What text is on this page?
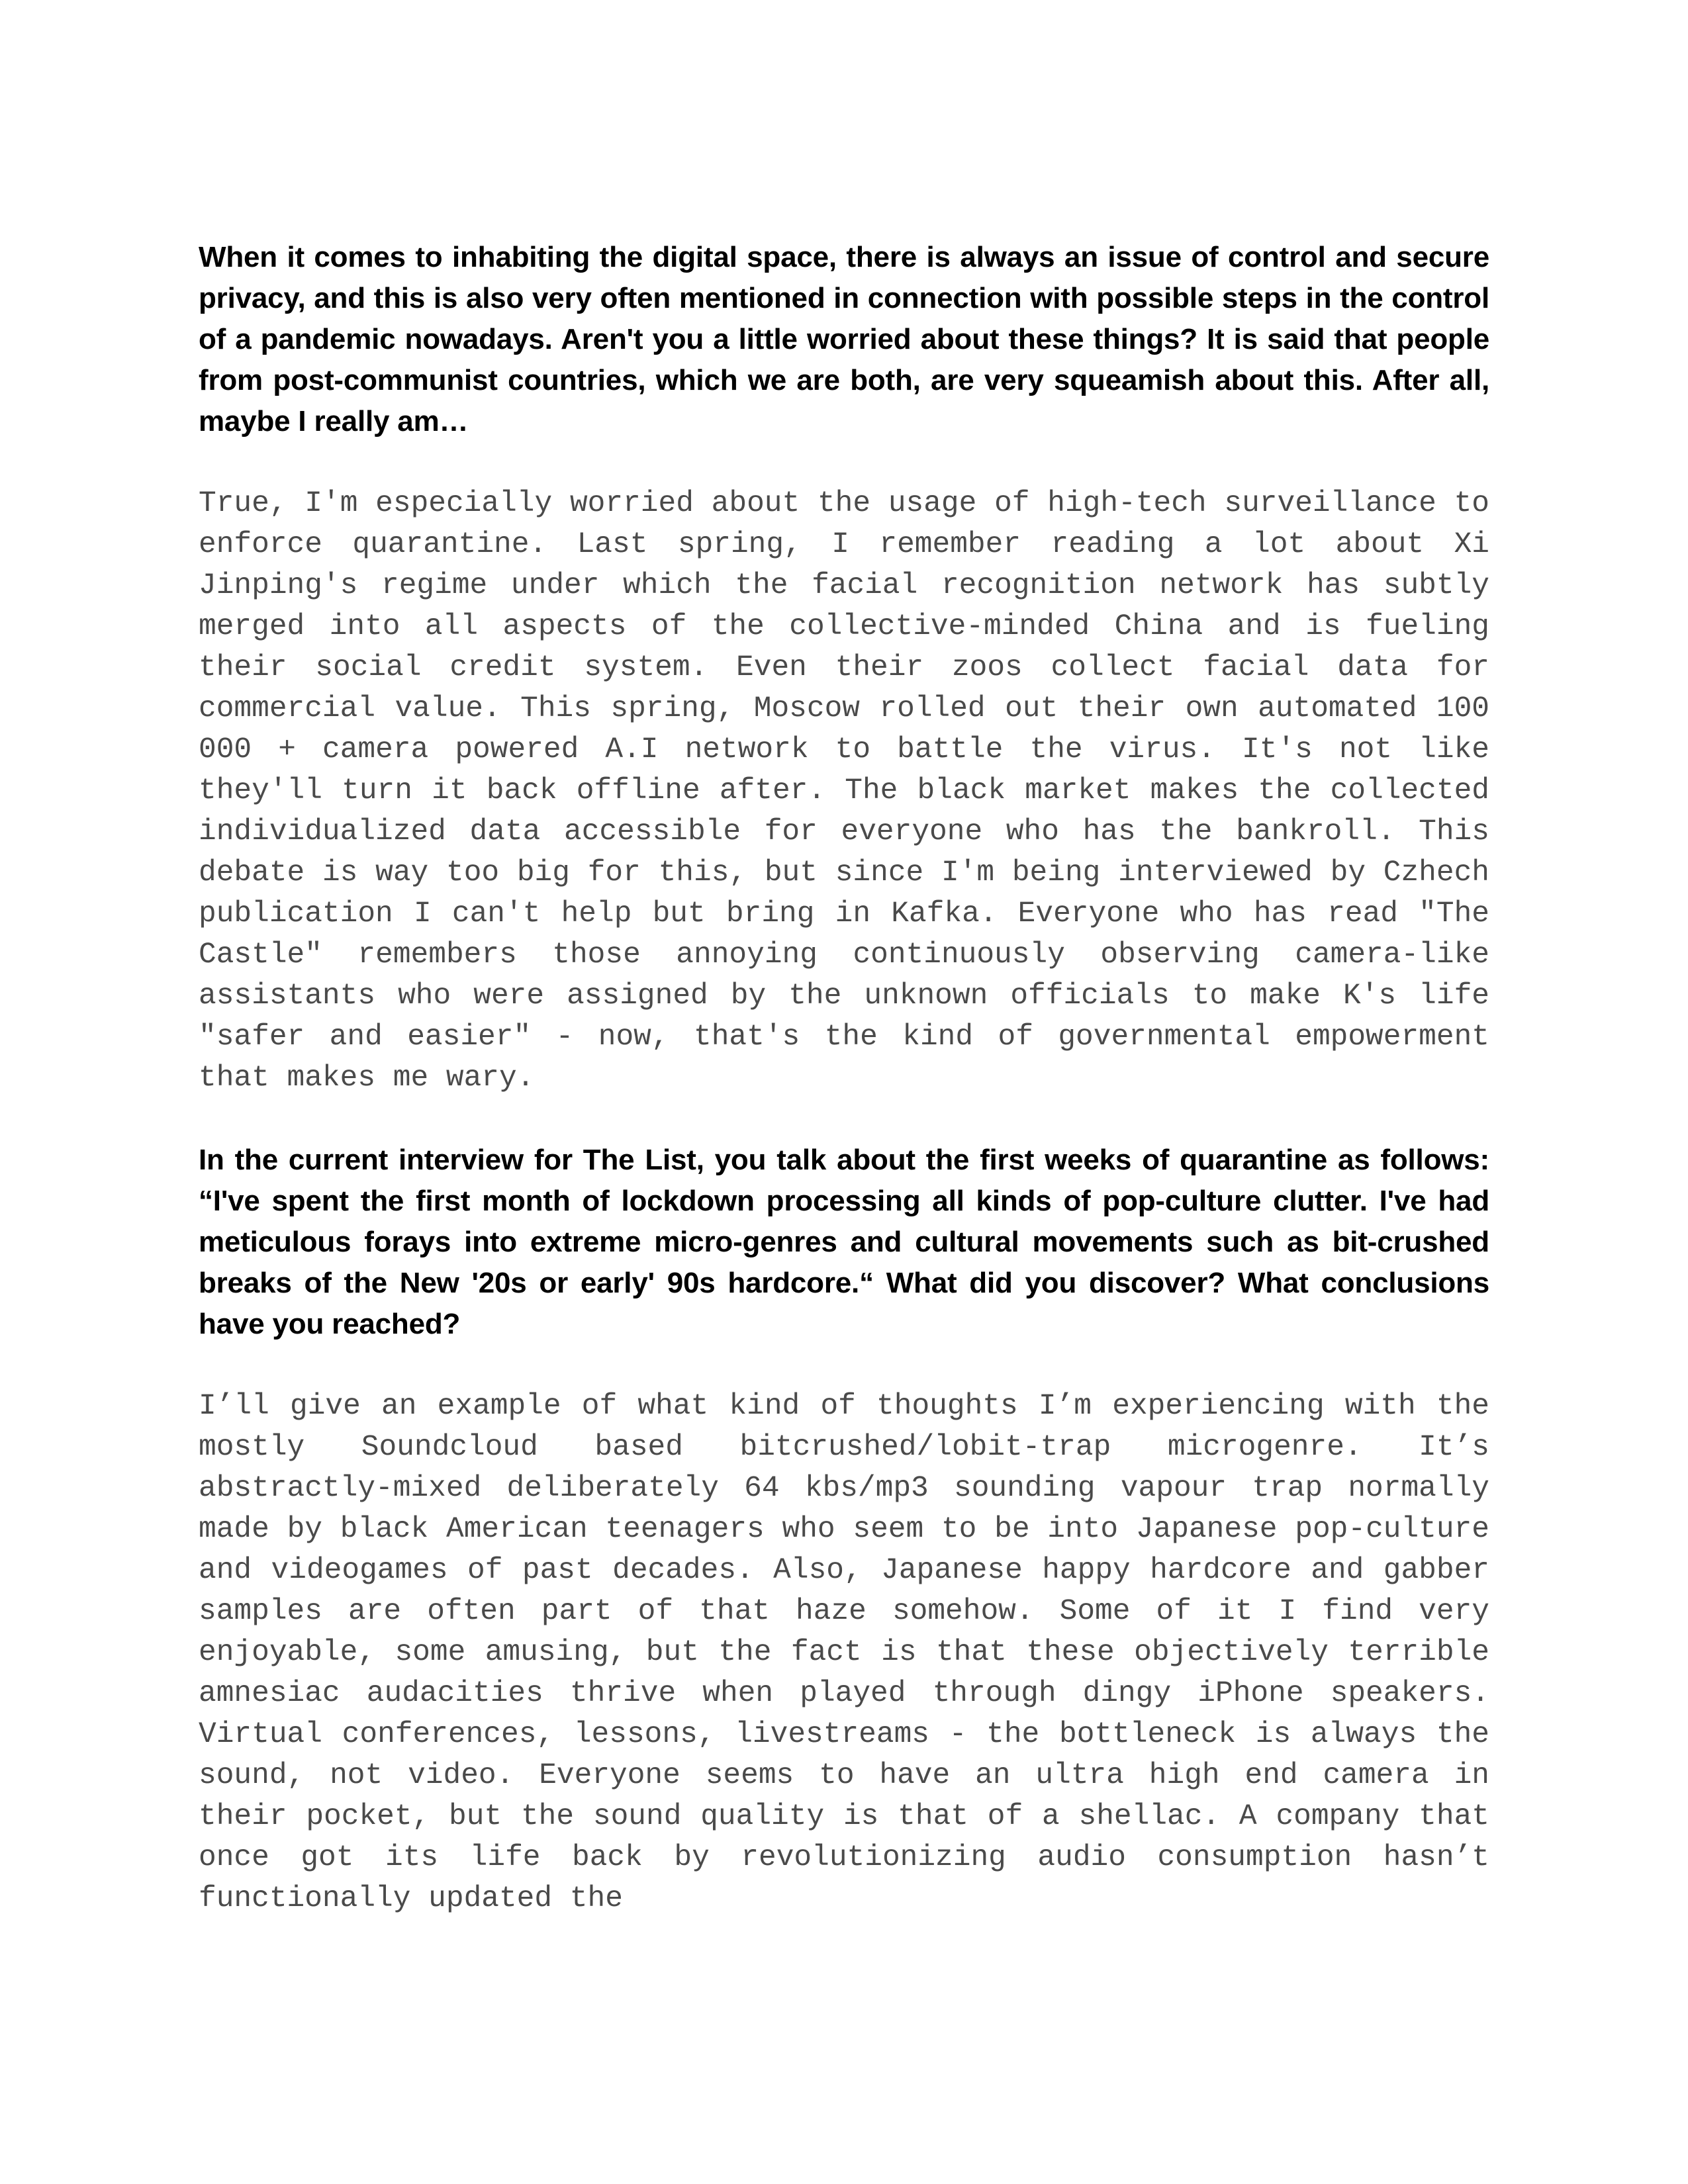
When it comes to inhabiting the digital space, there is always an issue of control and secure privacy, and this is also very often mentioned in connection with possible steps in the control of a pandemic nowadays. Aren't you a little worried about these things? It is said that people from post-communist countries, which we are both, are very squeamish about this. After all, maybe I really am…

True, I'm especially worried about the usage of high-tech surveillance to enforce quarantine. Last spring, I remember reading a lot about Xi Jinping's regime under which the facial recognition network has subtly merged into all aspects of the collective-minded China and is fueling their social credit system. Even their zoos collect facial data for commercial value. This spring, Moscow rolled out their own automated 100 000 + camera powered A.I network to battle the virus. It's not like they'll turn it back offline after. The black market makes the collected individualized data accessible for everyone who has the bankroll. This debate is way too big for this, but since I'm being interviewed by Czhech publication I can't help but bring in Kafka. Everyone who has read "The Castle" remembers those annoying continuously observing camera-like assistants who were assigned by the unknown officials to make K's life "safer and easier" - now, that's the kind of governmental empowerment that makes me wary.

In the current interview for The List, you talk about the first weeks of quarantine as follows: “I've spent the first month of lockdown processing all kinds of pop-culture clutter. I've had meticulous forays into extreme micro-genres and cultural movements such as bit-crushed breaks of the New '20s or early' 90s hardcore.“ What did you discover? What conclusions have you reached?

I’ll give an example of what kind of thoughts I’m experiencing with the mostly Soundcloud based bitcrushed/lobit-trap microgenre. It’s abstractly-mixed deliberately 64 kbs/mp3 sounding vapour trap normally made by black American teenagers who seem to be into Japanese pop-culture and videogames of past decades. Also, Japanese happy hardcore and gabber samples are often part of that haze somehow. Some of it I find very enjoyable, some amusing, but the fact is that these objectively terrible amnesiac audacities thrive when played through dingy iPhone speakers. Virtual conferences, lessons, livestreams - the bottleneck is always the sound, not video. Everyone seems to have an ultra high end camera in their pocket, but the sound quality is that of a shellac. A company that once got its life back by revolutionizing audio consumption hasn’t functionally updated the
